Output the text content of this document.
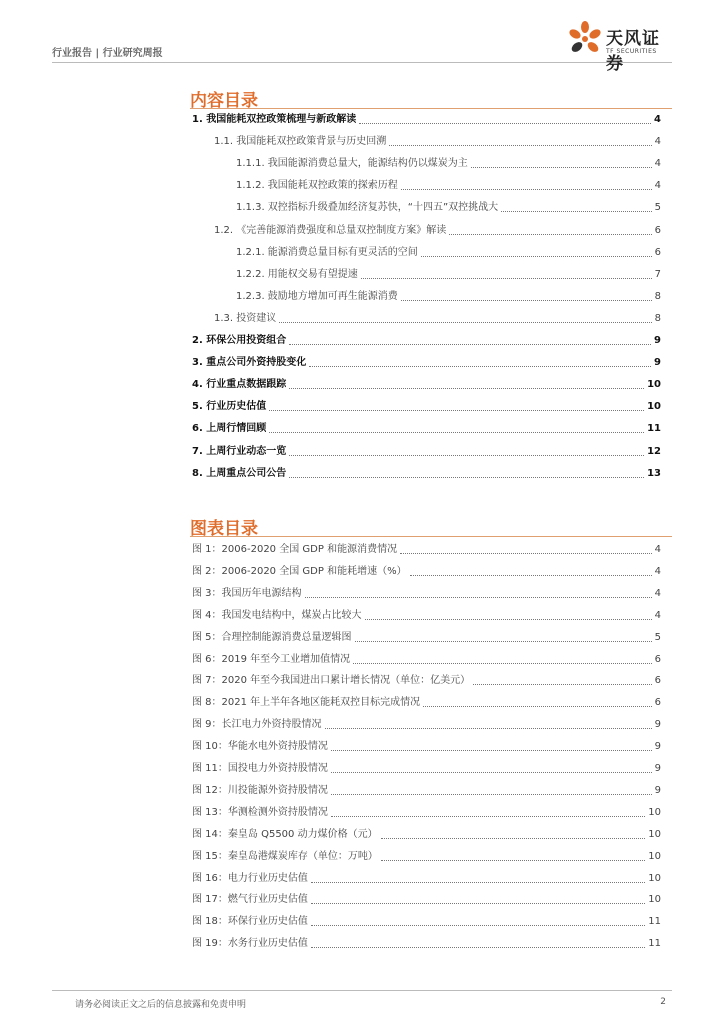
行业报告 | 行业研究周报
天风证券
TF SECURITIES
内容目录
1. 我国能耗双控政策梳理与新政解读	4
1.1. 我国能耗双控政策背景与历史回溯	4
1.1.1. 我国能源消费总量大，能源结构仍以煤炭为主	4
1.1.2. 我国能耗双控政策的探索历程	4
1.1.3. 双控指标升级叠加经济复苏快，“十四五”双控挑战大	5
1.2. 《完善能源消费强度和总量双控制度方案》解读	6
1.2.1. 能源消费总量目标有更灵活的空间	6
1.2.2. 用能权交易有望提速	7
1.2.3. 鼓励地方增加可再生能源消费	8
1.3. 投资建议	8
2. 环保公用投资组合	9
3. 重点公司外资持股变化	9
4. 行业重点数据跟踪	10
5. 行业历史估值	10
6. 上周行情回顾	11
7. 上周行业动态一览	12
8. 上周重点公司公告	13
图表目录
图 1：2006-2020 全国 GDP 和能源消费情况	4
图 2：2006-2020 全国 GDP 和能耗增速（%）	4
图 3：我国历年电源结构	4
图 4：我国发电结构中，煤炭占比较大	4
图 5：合理控制能源消费总量逻辑图	5
图 6：2019 年至今工业增加值情况	6
图 7：2020 年至今我国进出口累计增长情况（单位：亿美元）	6
图 8：2021 年上半年各地区能耗双控目标完成情况	6
图 9：长江电力外资持股情况	9
图 10：华能水电外资持股情况	9
图 11：国投电力外资持股情况	9
图 12：川投能源外资持股情况	9
图 13：华测检测外资持股情况	10
图 14：秦皇岛 Q5500 动力煤价格（元）	10
图 15：秦皇岛港煤炭库存（单位：万吨）	10
图 16：电力行业历史估值	10
图 17：燃气行业历史估值	10
图 18：环保行业历史估值	11
图 19：水务行业历史估值	11
请务必阅读正文之后的信息披露和免责申明	2
